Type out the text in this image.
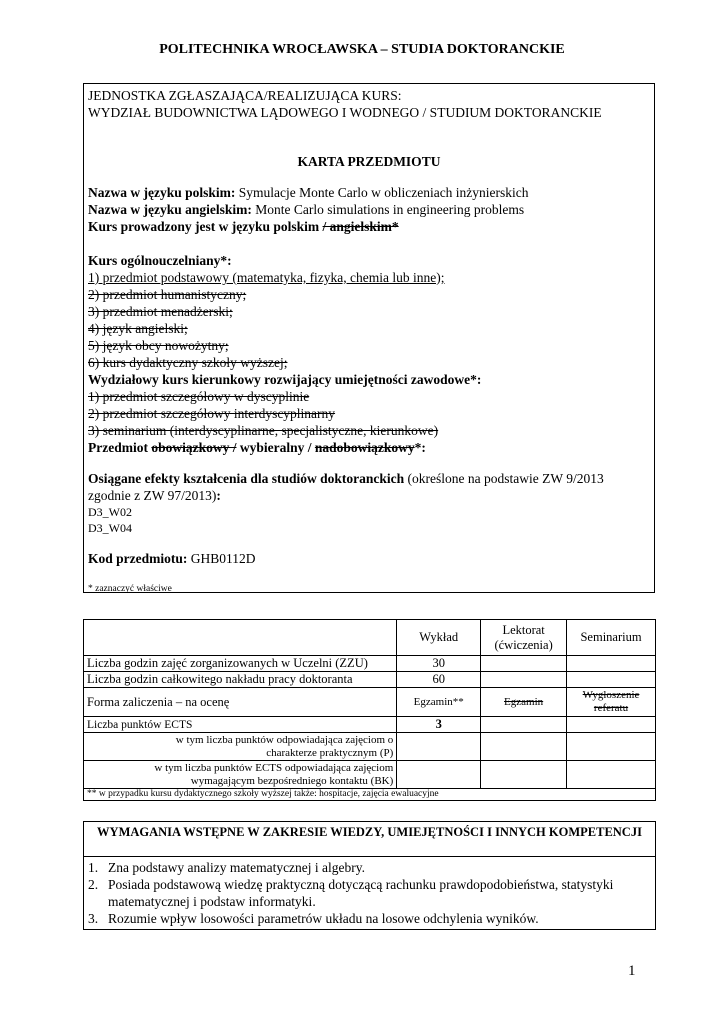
POLITECHNIKA WROCŁAWSKA – STUDIA DOKTORANCKIE
JEDNOSTKA ZGŁASZAJĄCA/REALIZUJĄCA KURS:
WYDZIAŁ BUDOWNICTWA LĄDOWEGO I WODNEGO / STUDIUM DOKTORANCKIE
KARTA PRZEDMIOTU
Nazwa w języku polskim: Symulacje Monte Carlo w obliczeniach inżynierskich
Nazwa w języku angielskim: Monte Carlo simulations in engineering problems
Kurs prowadzony jest w języku polskim / angielskim*
Kurs ogólnouczelniany*:
1) przedmiot podstawowy (matematyka, fizyka, chemia lub inne);
2) przedmiot humanistyczny;
3) przedmiot menadżerski;
4) język angielski;
5) język obcy nowożytny;
6) kurs dydaktyczny szkoły wyższej;
Wydziałowy kurs kierunkowy rozwijający umiejętności zawodowe*:
1) przedmiot szczegółowy w dyscyplinie
2) przedmiot szczegółowy interdyscyplinarny
3) seminarium (interdyscyplinarne, specjalistyczne, kierunkowe)
Przedmiot obowiązkowy / wybieralny / nadobowiązkowy*:
Osiągane efekty kształcenia dla studiów doktoranckich (określone na podstawie ZW 9/2013
zgodnie z ZW 97/2013):
D3_W02
D3_W04
Kod przedmiotu: GHB0112D
* zaznaczyć właściwe
	Wykład	Lektorat (ćwiczenia)	Seminarium
Liczba godzin zajęć zorganizowanych w Uczelni (ZZU)	30		
Liczba godzin całkowitego nakładu pracy doktoranta	60		
Forma zaliczenia – na ocenę	Egzamin**	Egzamin	Wygłoszenie referatu
Liczba punktów ECTS	3		
w tym liczba punktów odpowiadająca zajęciom o charakterze praktycznym (P)			
w tym liczba punktów ECTS odpowiadająca zajęciom wymagającym bezpośredniego kontaktu (BK)			
** w przypadku kursu dydaktycznego szkoły wyższej także: hospitacje, zajęcia ewaluacyjne			
WYMAGANIA WSTĘPNE W ZAKRESIE WIEDZY, UMIEJĘTNOŚCI I INNYCH KOMPETENCJI
1. Zna podstawy analizy matematycznej i algebry.
2. Posiada podstawową wiedzę praktyczną dotyczącą rachunku prawdopodobieństwa, statystyki matematycznej i podstaw informatyki.
3. Rozumie wpływ losowości parametrów układu na losowe odchylenia wyników.
1
